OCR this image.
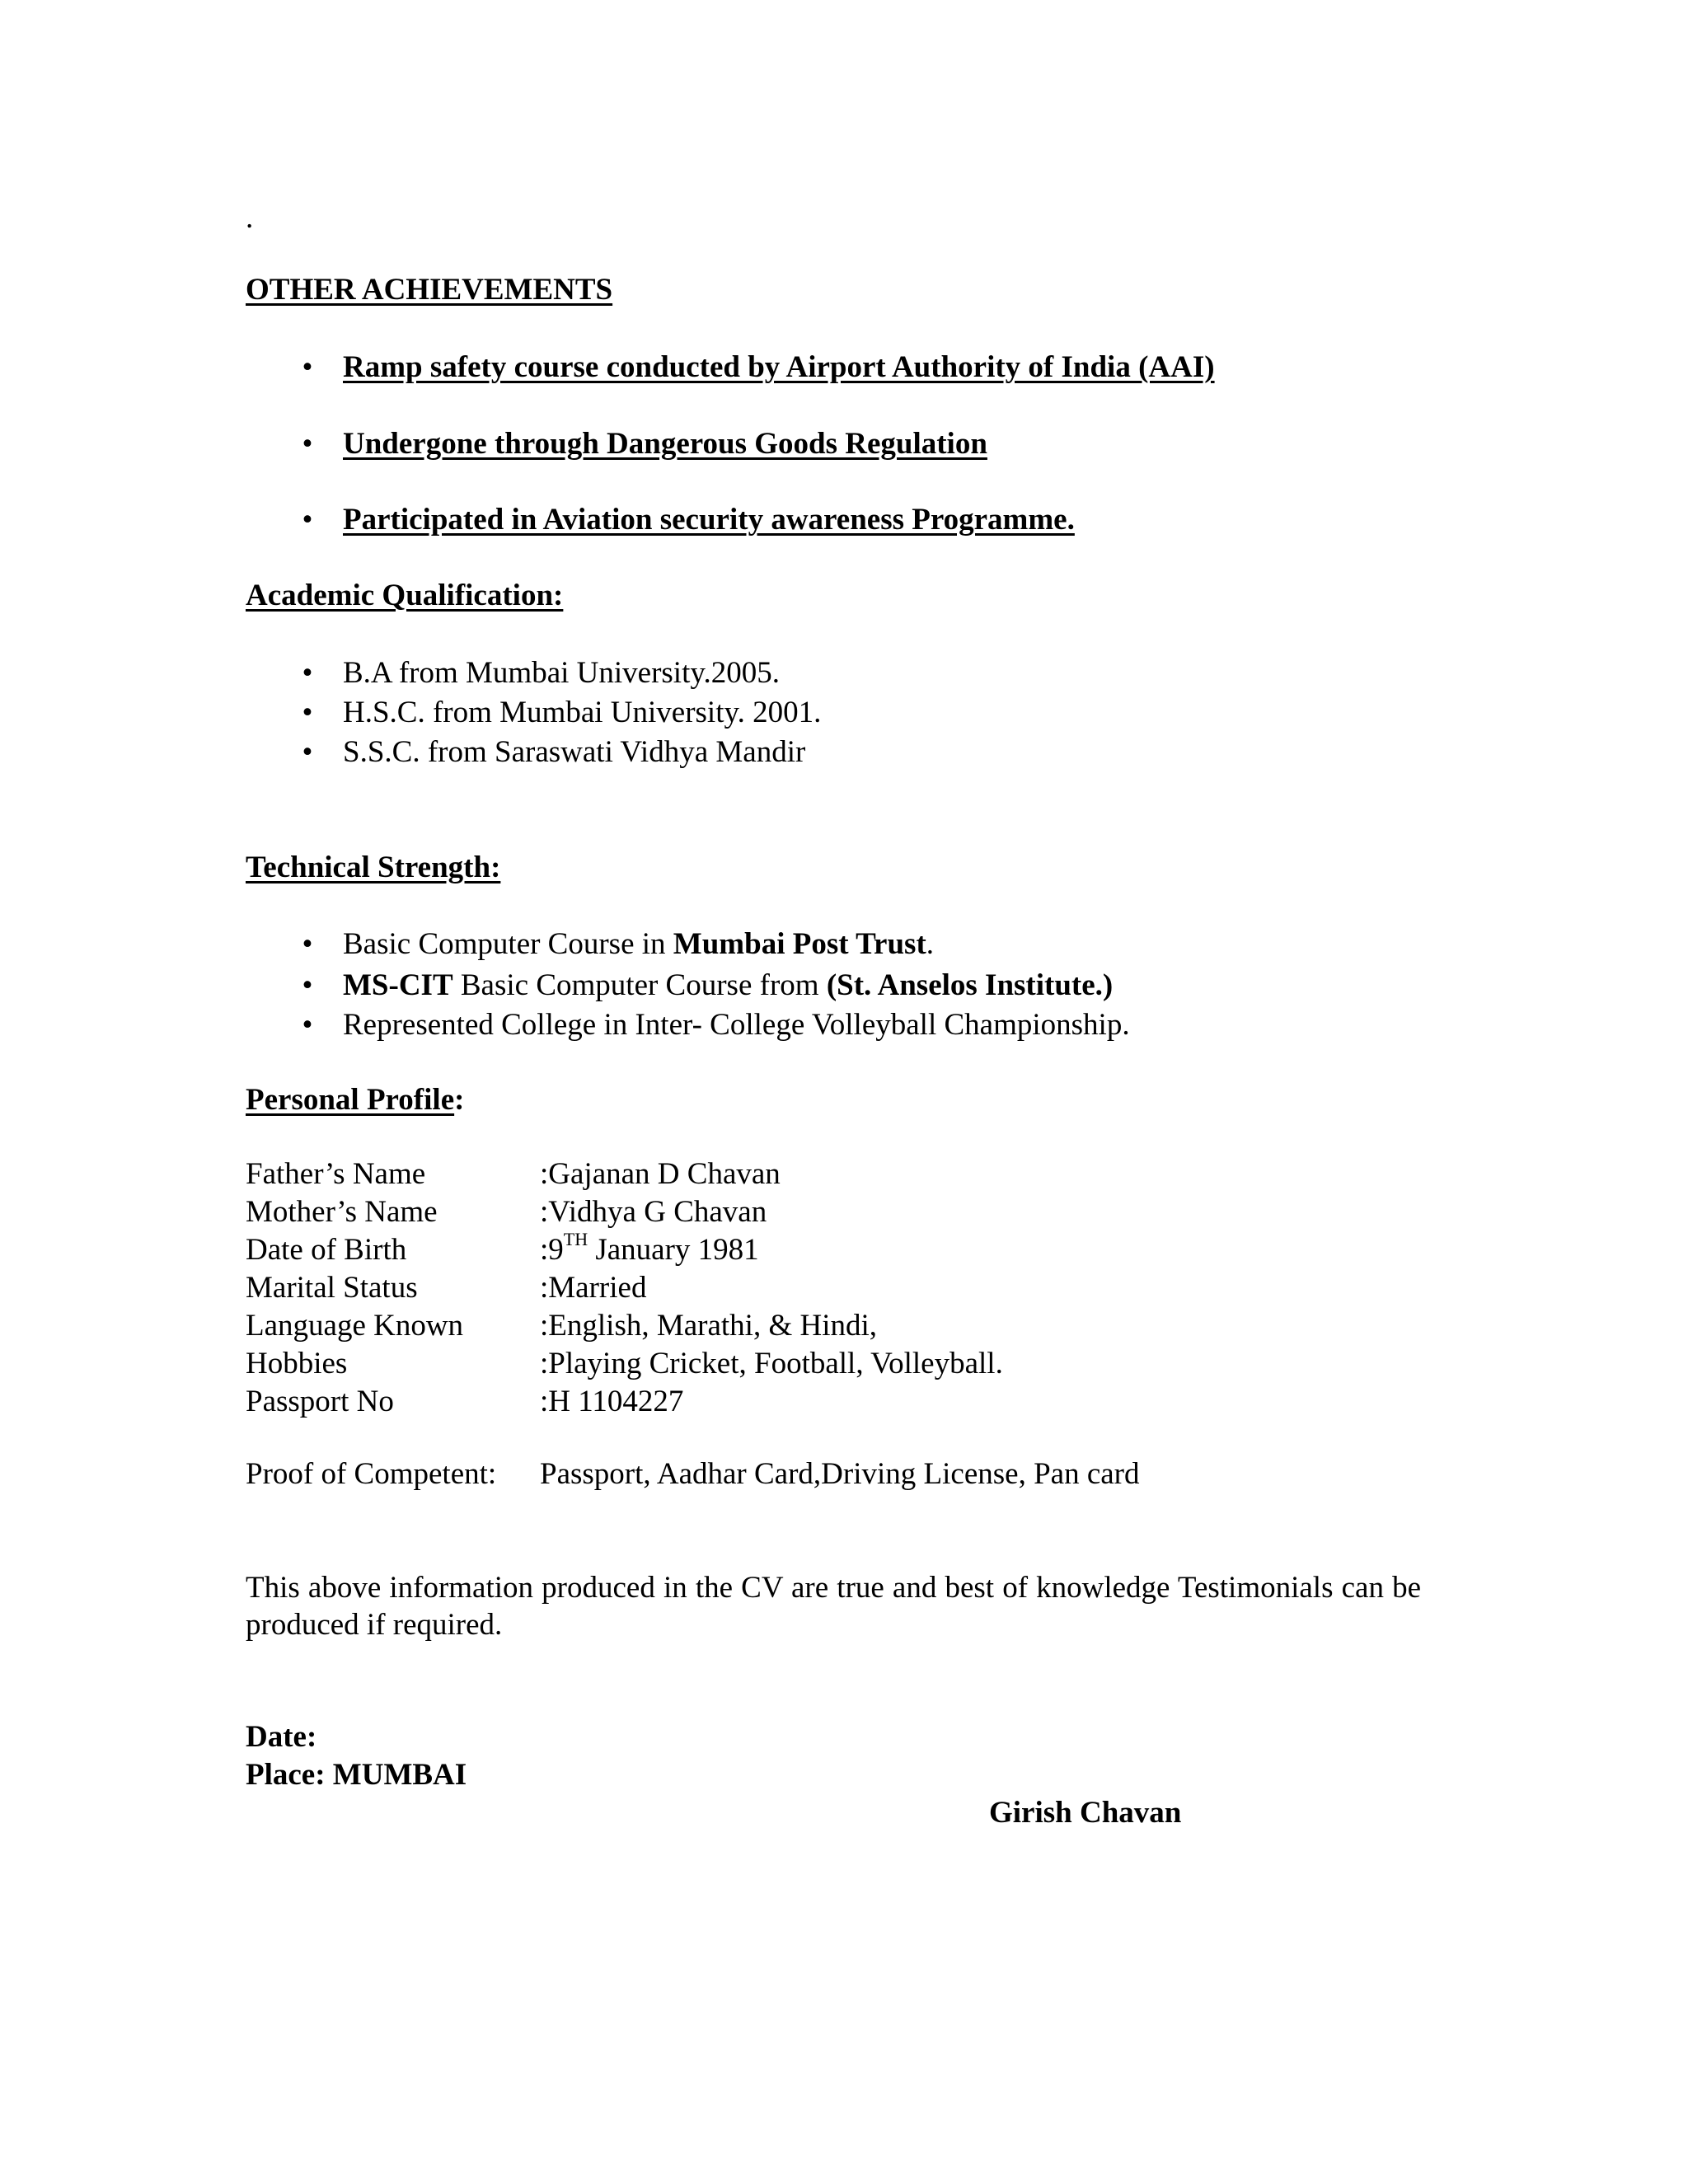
.
OTHER ACHIEVEMENTS
• Ramp safety course conducted by Airport Authority of India (AAI)
• Undergone through Dangerous Goods Regulation
• Participated in Aviation security awareness Programme.
Academic Qualification:
• B.A from Mumbai University.2005.
• H.S.C. from Mumbai University. 2001.
• S.S.C. from Saraswati Vidhya Mandir
Technical Strength:
• Basic Computer Course in Mumbai Post Trust.
• MS-CIT Basic Computer Course from (St. Anselos Institute.)
• Represented College in Inter- College Volleyball Championship.
Personal Profile:
Father’s Name	:Gajanan D Chavan
Mother’s Name	:Vidhya G Chavan
Date of Birth	:9TH January 1981
Marital Status	:Married
Language Known	:English, Marathi, & Hindi,
Hobbies	:Playing Cricket, Football, Volleyball.
Passport No	:H 1104227
Proof of Competent: Passport, Aadhar Card,Driving License, Pan card
This above information produced in the CV are true and best of knowledge Testimonials can be produced if required.
Date:
Place: MUMBAI
Girish Chavan
